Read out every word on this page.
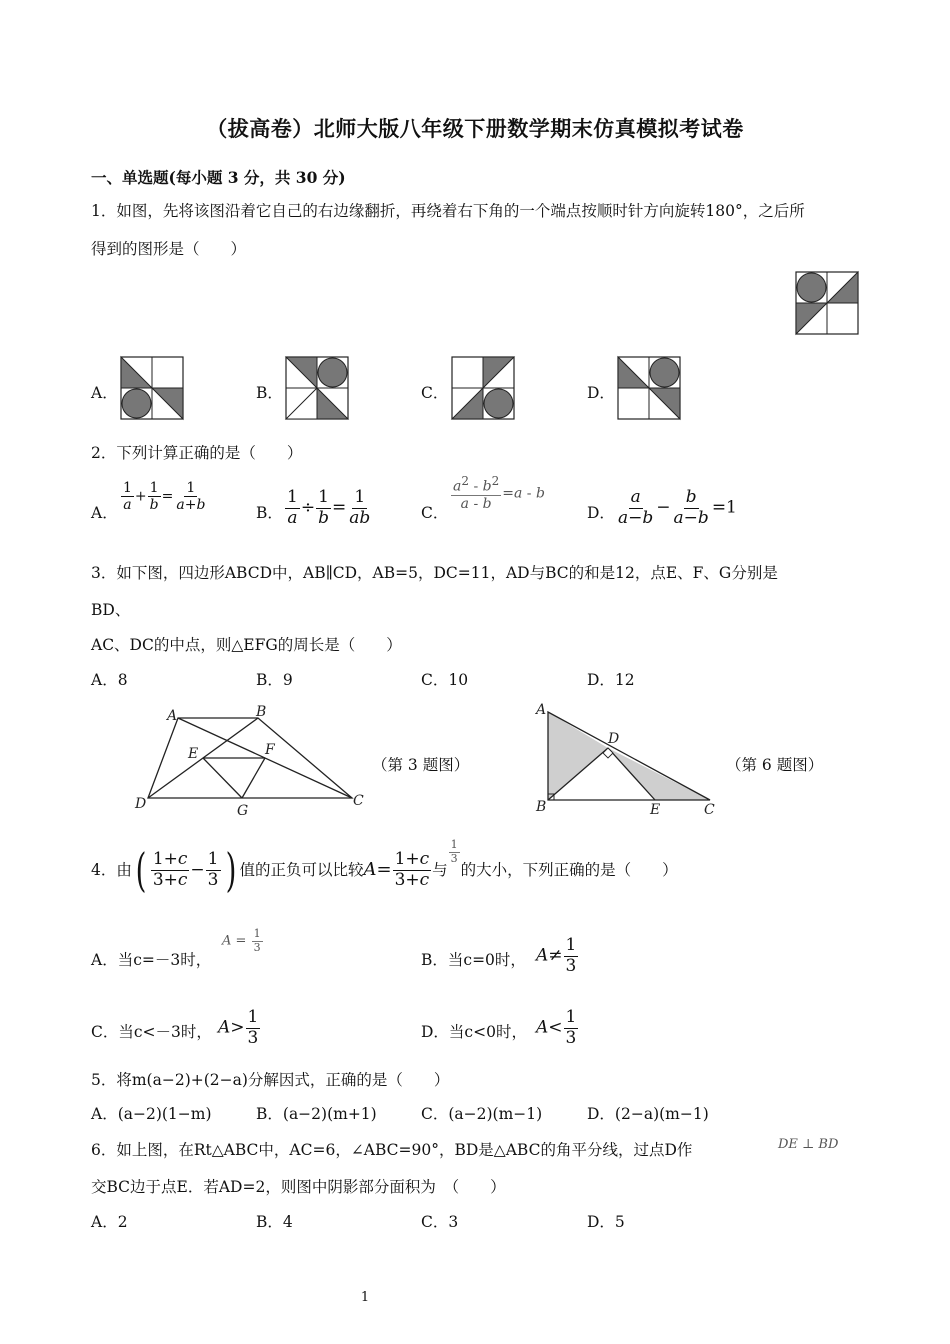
（拔高卷）北师大版八年级下册数学期末仿真模拟考试卷
一、单选题(每小题 3 分，共 30 分)
1．如图，先将该图沿着它自己的右边缘翻折，再绕着右下角的一个端点按顺时针方向旋转180°，之后所
得到的图形是（　　）
A．	B．	C．	D．
2．下列计算正确的是（　　）
A． $\frac{1}{a} + \frac{1}{b} = \frac{1}{a+b}$	B． $\frac{1}{a} \div \frac{1}{b} = \frac{1}{ab}$	C．
$\frac{a^2 - b^2}{a - b} =a - b$
D． $\frac{a}{a-b} - \frac{b}{a-b} =1$
3．如下图，四边形ABCD中，AB∥CD，AB=5，DC=11，AD与BC的和是12，点E、F、G分别是
BD、
AC、DC的中点，则△EFG的周长是（　　）
A．8	B．9	C．10	D．12
A	B
E	F
D	G
C
（第 3 题图）
A
D
B	E	C
（第 6 题图）
4．由 ( $\frac{1+c}{3+c} - \frac{1}{3}$ ) 值的正负可以比较 $A= \frac{1+c}{3+c}$ 与
$\frac{1}{3}$
的大小，下列正确的是（　　）
A．当c=－3时，
$A = \frac{1}{3}$
B．当c=0时， $A\ne \frac{1}{3}$
C．当c<－3时， $A> \frac{1}{3}$	D．当c<0时， $A< \frac{1}{3}$
5．将m(a−2)+(2−a)分解因式，正确的是（　　）
A．(a−2)(1−m)	B．(a−2)(m+1)	C．(a−2)(m−1)	D．(2−a)(m−1)
6．如上图，在Rt△ABC中，AC=6，∠ABC=90°，BD是△ABC的角平分线，过点D作	DE ⊥ BD
交BC边于点E．若AD=2，则图中阴影部分面积为　（　　）
A．2	B．4	C．3	D．5
1
